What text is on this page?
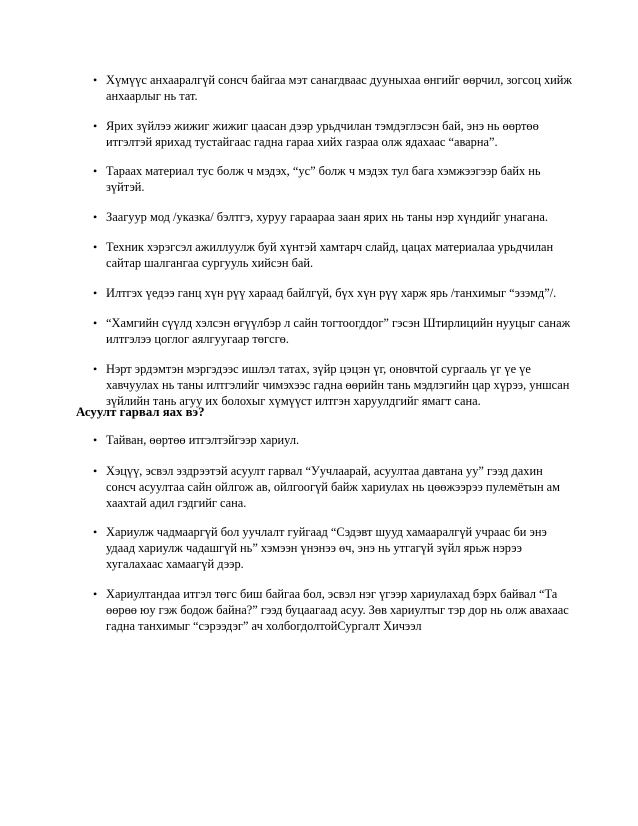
• Хүмүүс анхааралгүй сонсч байгаа мэт санагдваас дууныхаа өнгийг өөрчил, зогсоц хийж анхаарлыг нь тат.
• Ярих зүйлээ жижиг жижиг цаасан дээр урьдчилан тэмдэглэсэн бай, энэ нь өөртөө итгэлтэй ярихад тустайгаас гадна гараа хийх газраа олж ядахаас “аварна”.
• Тараах материал тус болж ч мэдэх, “ус” болж ч мэдэх тул бага хэмжээгээр байх нь зүйтэй.
• Заагуур мод /указка/ бэлтгэ, хуруу гараараа заан ярих нь таны нэр хүндийг унагана.
• Техник хэрэгсэл ажиллуулж буй хүнтэй хамтарч слайд, цацах материалаа урьдчилан сайтар шалгангаа сургууль хийсэн бай.
• Илтгэх үедээ ганц хүн рүү хараад байлгүй, бүх хүн рүү харж ярь /танхимыг “эзэмд”/.
• “Хамгийн сүүлд хэлсэн өгүүлбэр л сайн тогтоогддог” гэсэн Штирлицийн нууцыг санаж илтгэлээ цоглог аялгуугаар төгсгө.
• Нэрт эрдэмтэн мэргэдээс ишлэл татах, зүйр цэцэн үг, оновчтой сургааль үг үе үе хавчуулах нь таны илтгэлийг чимэхээс гадна өөрийн тань мэдлэгийн цар хүрээ, уншсан зүйлийн тань агуу их болохыг хүмүүст илтгэн харуулдгийг ямагт сана.
Асуулт гарвал яах вэ?
• Тайван, өөртөө итгэлтэйгээр хариул.
• Хэцүү, эсвэл эздрээтэй асуулт гарвал “Уучлаарай, асуултаа давтана уу” гээд дахин сонсч асуултаа сайн ойлгож ав, ойлгоогүй байж хариулах нь цөөжээрээ пулемётын ам хаахтай адил гэдгийг сана.
• Хариулж чадмааргүй бол уучлалт гуйгаад “Сэдэвт шууд хамааралгүй учраас би энэ удаад хариулж чадашгүй нь” хэмээн үнэнээ өч, энэ нь утгагүй зүйл ярьж нэрээ хугалахаас хамаагүй дээр.
• Хариултандаа итгэл төгс биш байгаа бол, эсвэл нэг үгээр хариулахад бэрх байвал “Та өөрөө юу гэж бодож байна?” гээд буцаагаад асуу. Зөв хариултыг тэр дор нь олж авахаас гадна танхимыг “сэрээдэг” ач холбогдолтойСургалт Хичээл
